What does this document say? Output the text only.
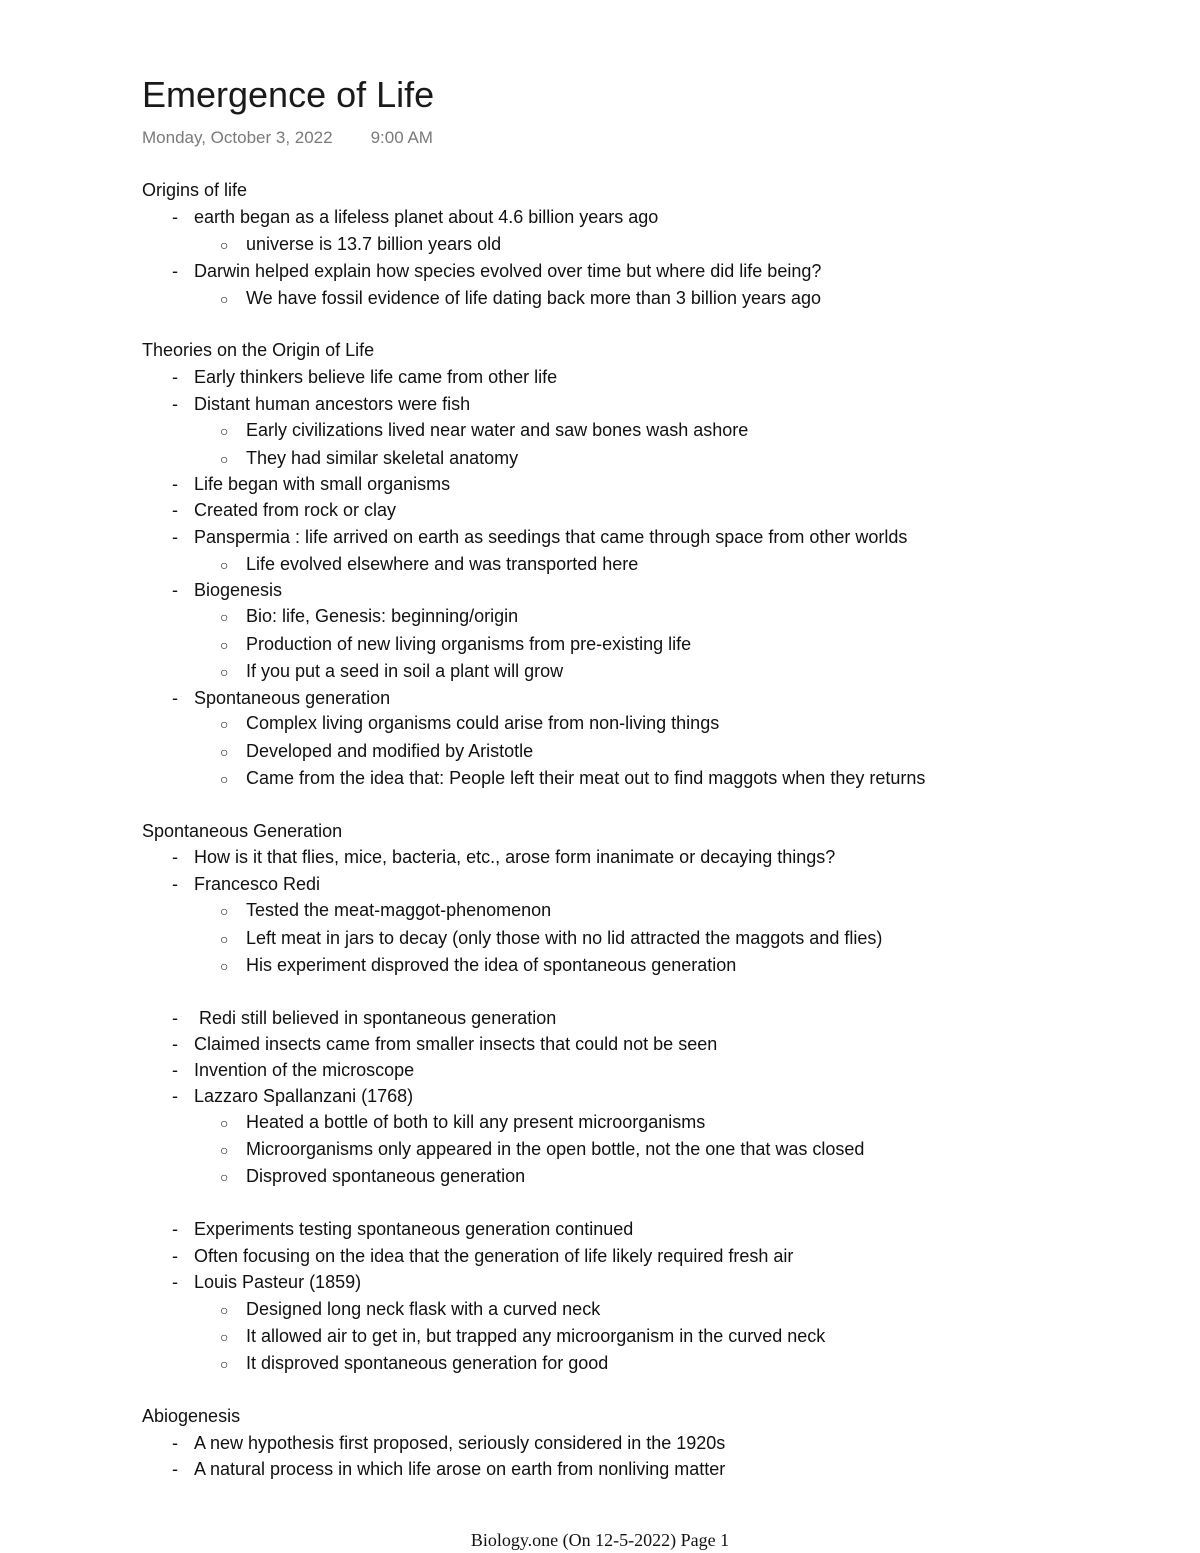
Emergence of Life
Monday, October 3, 2022 9:00 AM
Origins of life
- earth began as a lifeless planet about 4.6 billion years ago
○ universe is 13.7 billion years old
- Darwin helped explain how species evolved over time but where did life being?
○ We have fossil evidence of life dating back more than 3 billion years ago
Theories on the Origin of Life
- Early thinkers believe life came from other life
- Distant human ancestors were fish
○ Early civilizations lived near water and saw bones wash ashore
○ They had similar skeletal anatomy
- Life began with small organisms
- Created from rock or clay
- Panspermia : life arrived on earth as seedings that came through space from other worlds
○ Life evolved elsewhere and was transported here
- Biogenesis
○ Bio: life, Genesis: beginning/origin
○ Production of new living organisms from pre-existing life
○ If you put a seed in soil a plant will grow
- Spontaneous generation
○ Complex living organisms could arise from non-living things
○ Developed and modified by Aristotle
○ Came from the idea that: People left their meat out to find maggots when they returns
Spontaneous Generation
- How is it that flies, mice, bacteria, etc., arose form inanimate or decaying things?
- Francesco Redi
○ Tested the meat-maggot-phenomenon
○ Left meat in jars to decay (only those with no lid attracted the maggots and flies)
○ His experiment disproved the idea of spontaneous generation
- Redi still believed in spontaneous generation
- Claimed insects came from smaller insects that could not be seen
- Invention of the microscope
- Lazzaro Spallanzani (1768)
○ Heated a bottle of both to kill any present microorganisms
○ Microorganisms only appeared in the open bottle, not the one that was closed
○ Disproved spontaneous generation
- Experiments testing spontaneous generation continued
- Often focusing on the idea that the generation of life likely required fresh air
- Louis Pasteur (1859)
○ Designed long neck flask with a curved neck
○ It allowed air to get in, but trapped any microorganism in the curved neck
○ It disproved spontaneous generation for good
Abiogenesis
- A new hypothesis first proposed, seriously considered in the 1920s
- A natural process in which life arose on earth from nonliving matter
Biology.one (On 12-5-2022) Page 1
